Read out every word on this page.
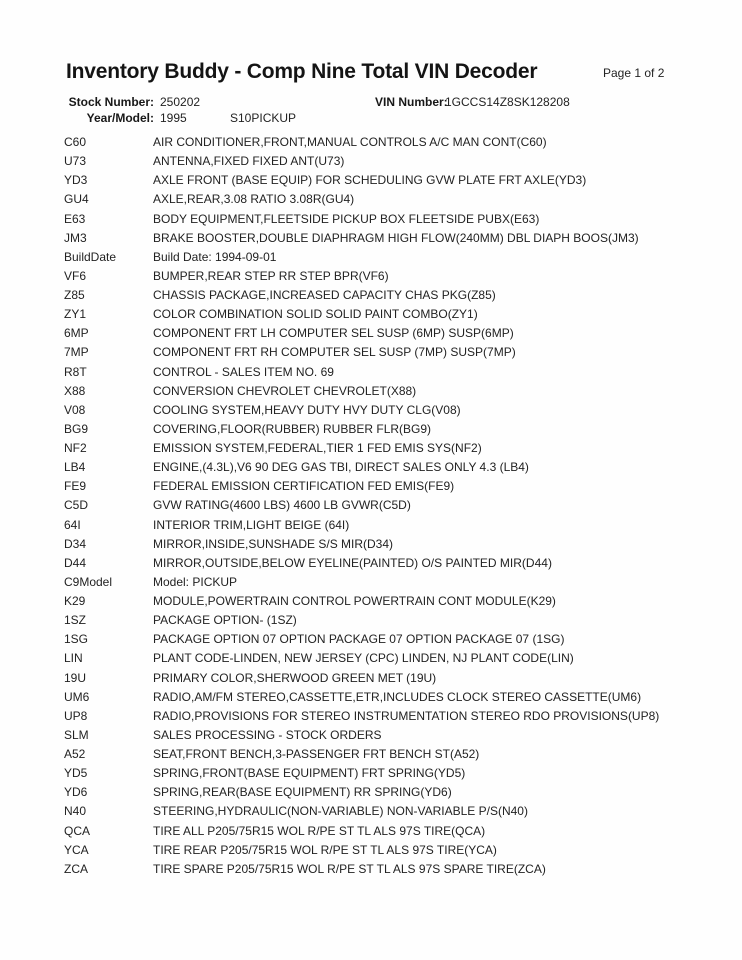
Inventory Buddy - Comp Nine Total VIN Decoder	Page 1 of 2
Stock Number: 250202	VIN Number:
1GCCS14Z8SK128208
Year/Model: 1995	S10PICKUP
C60	AIR CONDITIONER,FRONT,MANUAL CONTROLS A/C MAN CONT(C60)
U73	ANTENNA,FIXED FIXED ANT(U73)
YD3	AXLE FRONT (BASE EQUIP) FOR SCHEDULING GVW PLATE FRT AXLE(YD3)
GU4	AXLE,REAR,3.08 RATIO 3.08R(GU4)
E63	BODY EQUIPMENT,FLEETSIDE PICKUP BOX FLEETSIDE PUBX(E63)
JM3	BRAKE BOOSTER,DOUBLE DIAPHRAGM HIGH FLOW(240MM) DBL DIAPH BOOS(JM3)
BuildDate	Build Date: 1994-09-01
VF6	BUMPER,REAR STEP RR STEP BPR(VF6)
Z85	CHASSIS PACKAGE,INCREASED CAPACITY CHAS PKG(Z85)
ZY1	COLOR COMBINATION SOLID SOLID PAINT COMBO(ZY1)
6MP	COMPONENT FRT LH COMPUTER SEL SUSP (6MP) SUSP(6MP)
7MP	COMPONENT FRT RH COMPUTER SEL SUSP (7MP) SUSP(7MP)
R8T	CONTROL - SALES ITEM NO. 69
X88	CONVERSION CHEVROLET CHEVROLET(X88)
V08	COOLING SYSTEM,HEAVY DUTY HVY DUTY CLG(V08)
BG9	COVERING,FLOOR(RUBBER) RUBBER FLR(BG9)
NF2	EMISSION SYSTEM,FEDERAL,TIER 1 FED EMIS SYS(NF2)
LB4	ENGINE,(4.3L),V6 90 DEG GAS TBI, DIRECT SALES ONLY 4.3 (LB4)
FE9	FEDERAL EMISSION CERTIFICATION FED EMIS(FE9)
C5D	GVW RATING(4600 LBS) 4600 LB GVWR(C5D)
64I	INTERIOR TRIM,LIGHT BEIGE (64I)
D34	MIRROR,INSIDE,SUNSHADE S/S MIR(D34)
D44	MIRROR,OUTSIDE,BELOW EYELINE(PAINTED) O/S PAINTED MIR(D44)
C9Model	Model: PICKUP
K29	MODULE,POWERTRAIN CONTROL POWERTRAIN CONT MODULE(K29)
1SZ	PACKAGE OPTION- (1SZ)
1SG	PACKAGE OPTION 07 OPTION PACKAGE 07 OPTION PACKAGE 07 (1SG)
LIN	PLANT CODE-LINDEN, NEW JERSEY (CPC) LINDEN, NJ PLANT CODE(LIN)
19U	PRIMARY COLOR,SHERWOOD GREEN MET (19U)
UM6	RADIO,AM/FM STEREO,CASSETTE,ETR,INCLUDES CLOCK STEREO CASSETTE(UM6)
UP8	RADIO,PROVISIONS FOR STEREO INSTRUMENTATION STEREO RDO PROVISIONS(UP8)
SLM	SALES PROCESSING - STOCK ORDERS
A52	SEAT,FRONT BENCH,3-PASSENGER FRT BENCH ST(A52)
YD5	SPRING,FRONT(BASE EQUIPMENT) FRT SPRING(YD5)
YD6	SPRING,REAR(BASE EQUIPMENT) RR SPRING(YD6)
N40	STEERING,HYDRAULIC(NON-VARIABLE) NON-VARIABLE P/S(N40)
QCA	TIRE ALL P205/75R15 WOL R/PE ST TL ALS 97S TIRE(QCA)
YCA	TIRE REAR P205/75R15 WOL R/PE ST TL ALS 97S TIRE(YCA)
ZCA	TIRE SPARE P205/75R15 WOL R/PE ST TL ALS 97S SPARE TIRE(ZCA)
